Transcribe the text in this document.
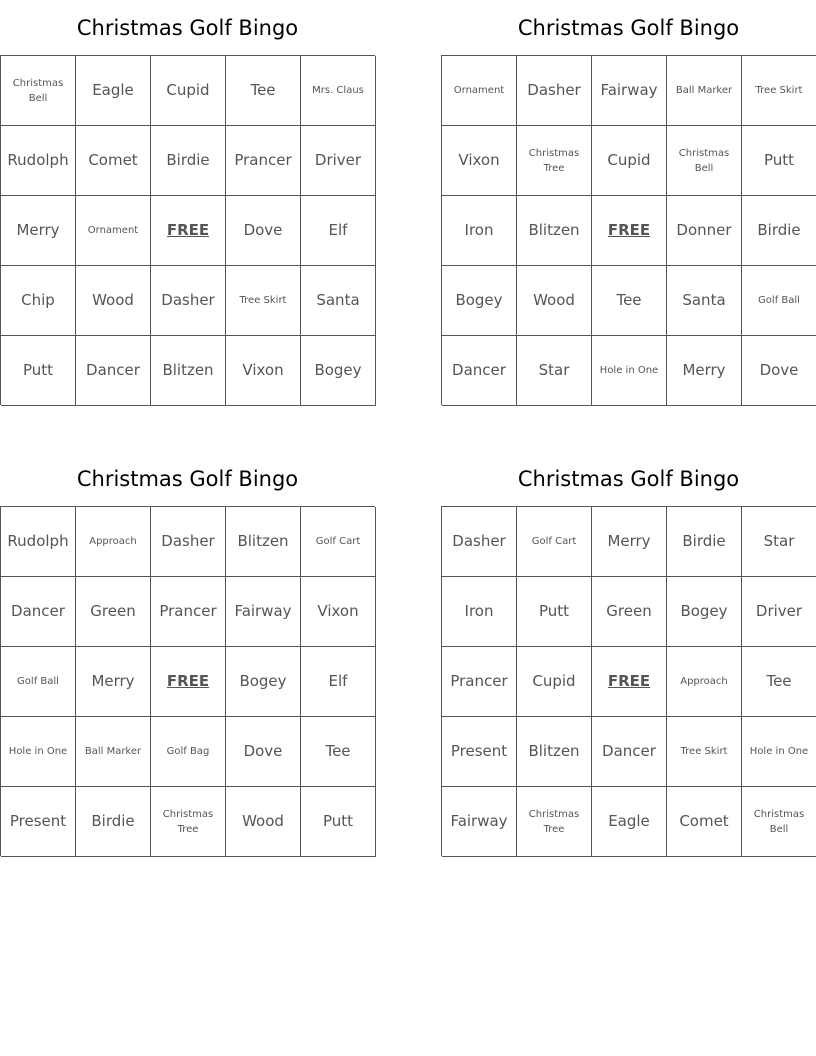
Christmas Golf Bingo
Christmas Bell	Eagle	Cupid	Tee	Mrs. Claus
Rudolph	Comet	Birdie	Prancer	Driver
Merry	Ornament	FREE	Dove	Elf
Chip	Wood	Dasher	Tree Skirt	Santa
Putt	Dancer	Blitzen	Vixon	Bogey
Christmas Golf Bingo
Ornament	Dasher	Fairway	Ball Marker	Tree Skirt
Vixon	Christmas Tree	Cupid	Christmas Bell	Putt
Iron	Blitzen	FREE	Donner	Birdie
Bogey	Wood	Tee	Santa	Golf Ball
Dancer	Star	Hole in One	Merry	Dove
Christmas Golf Bingo
Rudolph	Approach	Dasher	Blitzen	Golf Cart
Dancer	Green	Prancer	Fairway	Vixon
Golf Ball	Merry	FREE	Bogey	Elf
Hole in One	Ball Marker	Golf Bag	Dove	Tee
Present	Birdie	Christmas Tree	Wood	Putt
Christmas Golf Bingo
Dasher	Golf Cart	Merry	Birdie	Star
Iron	Putt	Green	Bogey	Driver
Prancer	Cupid	FREE	Approach	Tee
Present	Blitzen	Dancer	Tree Skirt	Hole in One
Fairway	Christmas Tree	Eagle	Comet	Christmas Bell
